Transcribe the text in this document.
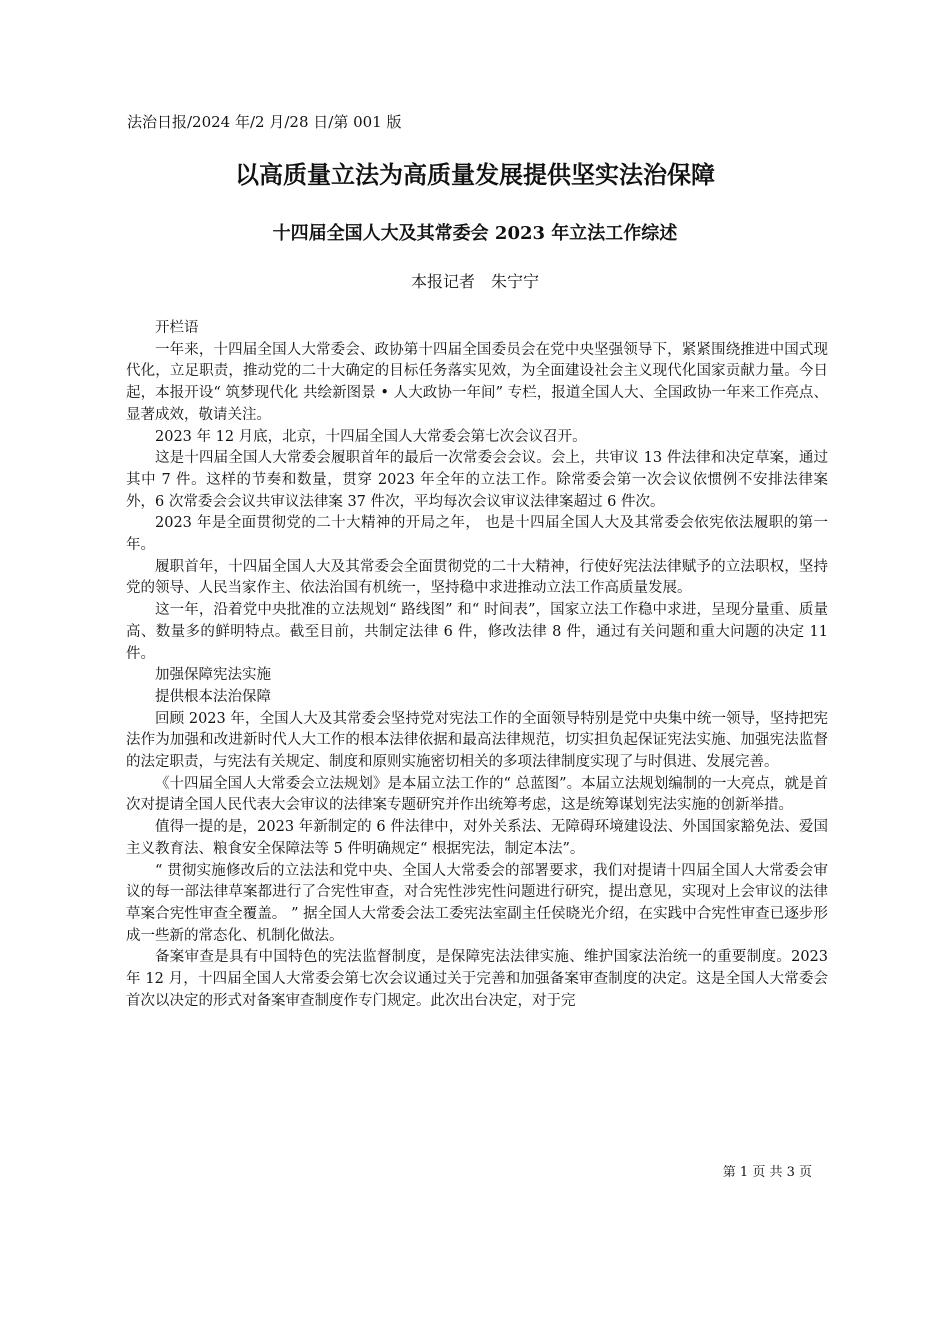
法治日报/2024 年/2 月/28 日/第 001 版
以高质量立法为高质量发展提供坚实法治保障
十四届全国人大及其常委会 2023 年立法工作综述
本报记者　朱宁宁

开栏语

一年来，十四届全国人大常委会、政协第十四届全国委员会在党中央坚强领导下，紧紧围绕推进中国式现代化，立足职责，推动党的二十大确定的目标任务落实见效，为全面建设社会主义现代化国家贡献力量。今日起，本报开设“ 筑梦现代化 共绘新图景 • 人大政协一年间” 专栏，报道全国人大、全国政协一年来工作亮点、显著成效，敬请关注。

2023 年 12 月底，北京，十四届全国人大常委会第七次会议召开。

这是十四届全国人大常委会履职首年的最后一次常委会会议。会上，共审议 13 件法律和决定草案，通过其中 7 件。这样的节奏和数量，贯穿 2023 年全年的立法工作。除常委会第一次会议依惯例不安排法律案外，6 次常委会会议共审议法律案 37 件次，平均每次会议审议法律案超过 6 件次。

2023 年是全面贯彻党的二十大精神的开局之年， 也是十四届全国人大及其常委会依宪依法履职的第一年。

履职首年，十四届全国人大及其常委会全面贯彻党的二十大精神，行使好宪法法律赋予的立法职权，坚持党的领导、人民当家作主、依法治国有机统一，坚持稳中求进推动立法工作高质量发展。

这一年，沿着党中央批准的立法规划“ 路线图” 和“ 时间表”，国家立法工作稳中求进，呈现分量重、质量高、数量多的鲜明特点。截至目前，共制定法律 6 件，修改法律 8 件，通过有关问题和重大问题的决定 11 件。

加强保障宪法实施

提供根本法治保障

回顾 2023 年，全国人大及其常委会坚持党对宪法工作的全面领导特别是党中央集中统一领导，坚持把宪法作为加强和改进新时代人大工作的根本法律依据和最高法律规范，切实担负起保证宪法实施、加强宪法监督的法定职责，与宪法有关规定、制度和原则实施密切相关的多项法律制度实现了与时俱进、发展完善。

《十四届全国人大常委会立法规划》是本届立法工作的“ 总蓝图”。本届立法规划编制的一大亮点，就是首次对提请全国人民代表大会审议的法律案专题研究并作出统筹考虑，这是统筹谋划宪法实施的创新举措。

值得一提的是，2023 年新制定的 6 件法律中，对外关系法、无障碍环境建设法、外国国家豁免法、爱国主义教育法、粮食安全保障法等 5 件明确规定“ 根据宪法，制定本法”。

“ 贯彻实施修改后的立法法和党中央、全国人大常委会的部署要求，我们对提请十四届全国人大常委会审议的每一部法律草案都进行了合宪性审查，对合宪性涉宪性问题进行研究，提出意见，实现对上会审议的法律草案合宪性审查全覆盖。 ” 据全国人大常委会法工委宪法室副主任侯晓光介绍，在实践中合宪性审查已逐步形成一些新的常态化、机制化做法。

备案审查是具有中国特色的宪法监督制度，是保障宪法法律实施、维护国家法治统一的重要制度。2023 年 12 月，十四届全国人大常委会第七次会议通过关于完善和加强备案审查制度的决定。这是全国人大常委会首次以决定的形式对备案审查制度作专门规定。此次出台决定，对于完

第 1 页 共 3 页
